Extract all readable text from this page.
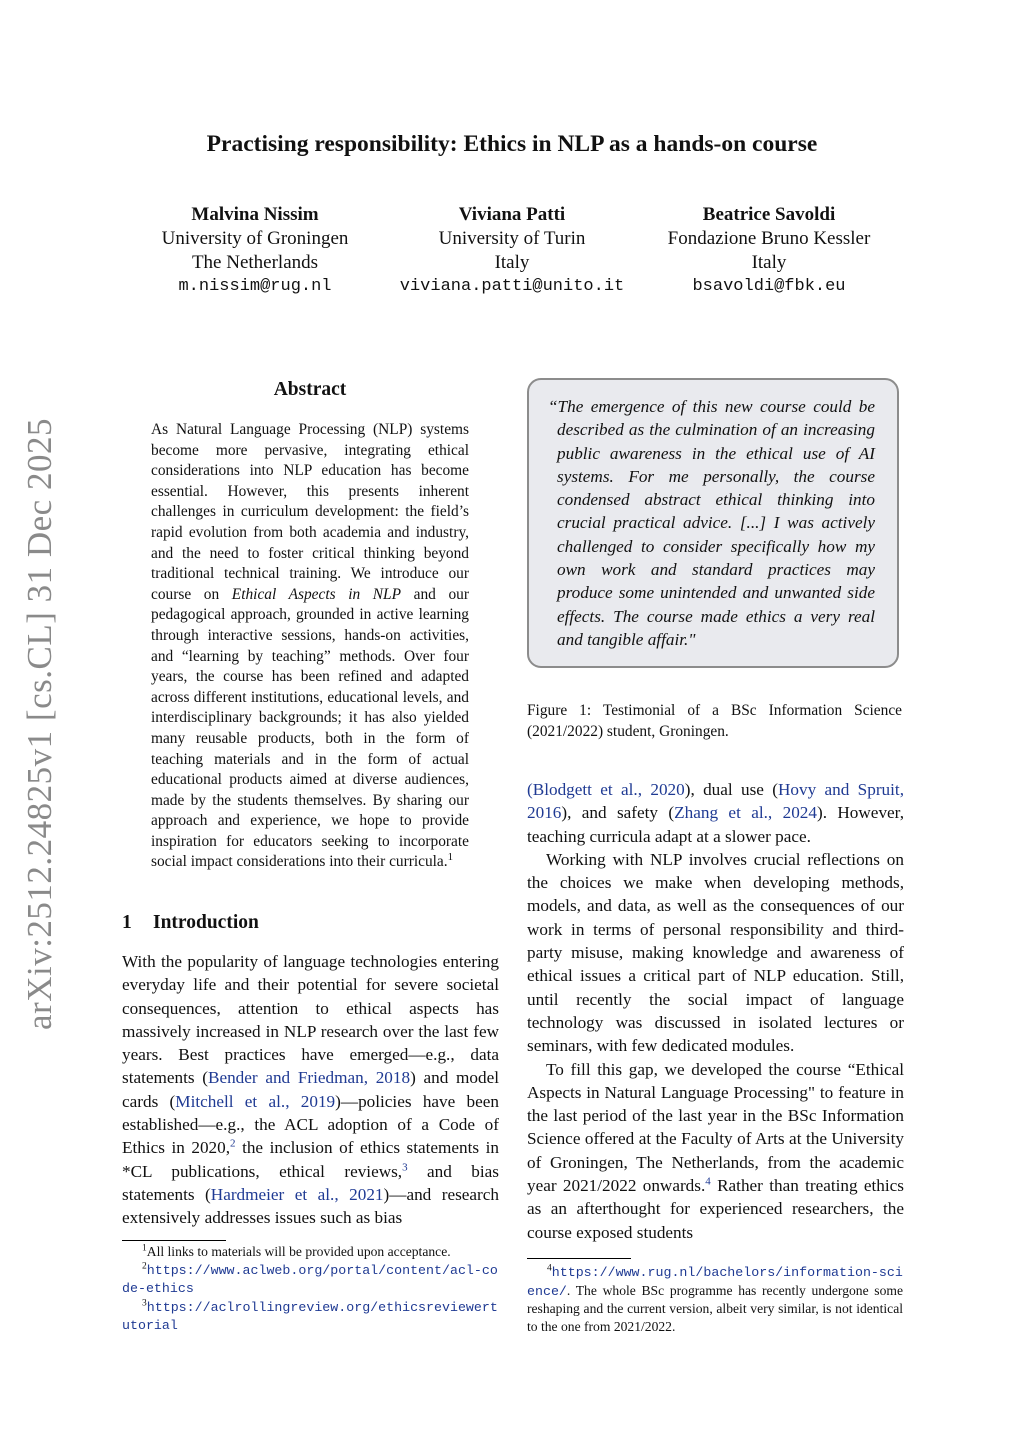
arXiv:2512.24825v1 [cs.CL] 31 Dec 2025
Practising responsibility: Ethics in NLP as a hands-on course
Malvina Nissim
University of Groningen
The Netherlands
m.nissim@rug.nl
Viviana Patti
University of Turin
Italy
viviana.patti@unito.it
Beatrice Savoldi
Fondazione Bruno Kessler
Italy
bsavoldi@fbk.eu
Abstract
As Natural Language Processing (NLP) systems become more pervasive, integrating ethical considerations into NLP education has become essential. However, this presents inherent challenges in curriculum development: the field’s rapid evolution from both academia and industry, and the need to foster critical thinking beyond traditional technical training. We introduce our course on Ethical Aspects in NLP and our pedagogical approach, grounded in active learning through interactive sessions, hands-on activities, and “learning by teaching” methods. Over four years, the course has been refined and adapted across different institutions, educational levels, and interdisciplinary backgrounds; it has also yielded many reusable products, both in the form of teaching materials and in the form of actual educational products aimed at diverse audiences, made by the students themselves. By sharing our approach and experience, we hope to provide inspiration for educators seeking to incorporate social impact considerations into their curricula.$^1$
1 Introduction

With the popularity of language technologies entering everyday life and their potential for severe societal consequences, attention to ethical aspects has massively increased in NLP research over the last few years. Best practices have emerged—e.g., data statements (Bender and Friedman, 2018) and model cards (Mitchell et al., 2019)—policies have been established—e.g., the ACL adoption of a Code of Ethics in 2020,$^2$ the inclusion of ethics statements in *CL publications, ethical reviews,$^3$ and bias statements (Hardmeier et al., 2021)—and research extensively addresses issues such as bias

“The emergence of this new course could be described as the culmination of an increasing public awareness in the ethical use of AI systems. For me personally, the course condensed abstract ethical thinking into crucial practical advice. [...] I was actively challenged to consider specifically how my own work and standard practices may produce some unintended and unwanted side effects. The course made ethics a very real and tangible affair."
Figure 1: Testimonial of a BSc Information Science (2021/2022) student, Groningen.

(Blodgett et al., 2020), dual use (Hovy and Spruit, 2016), and safety (Zhang et al., 2024). However, teaching curricula adapt at a slower pace.

Working with NLP involves crucial reflections on the choices we make when developing methods, models, and data, as well as the consequences of our work in terms of personal responsibility and third-party misuse, making knowledge and awareness of ethical issues a critical part of NLP education. Still, until recently the social impact of language technology was discussed in isolated lectures or seminars, with few dedicated modules.

To fill this gap, we developed the course “Ethical Aspects in Natural Language Processing" to feature in the last period of the last year in the BSc Information Science offered at the Faculty of Arts at the University of Groningen, The Netherlands, from the academic year 2021/2022 onwards.$^4$ Rather than treating ethics as an afterthought for experienced researchers, the course exposed students

$^1$All links to materials will be provided upon acceptance.

$^2$https://www.aclweb.org/portal/content/acl-code-ethics

$^3$https://aclrollingreview.org/ethicsreviewertutorial

$^4$https://www.rug.nl/bachelors/information-science/. The whole BSc programme has recently undergone some reshaping and the current version, albeit very similar, is not identical to the one from 2021/2022.
